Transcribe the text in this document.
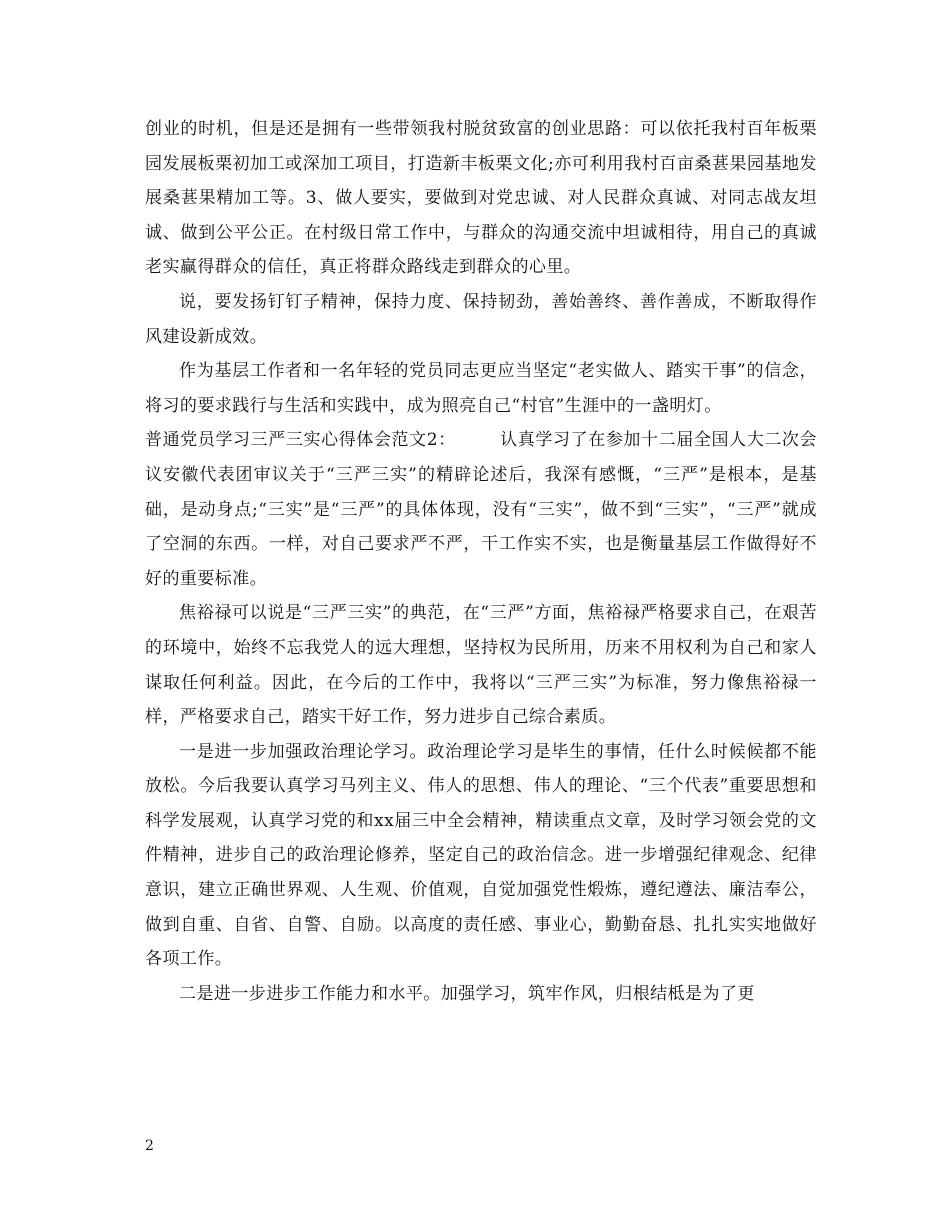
创业的时机，但是还是拥有一些带领我村脱贫致富的创业思路：可以依托我村百年板栗园发展板栗初加工或深加工项目，打造新丰板栗文化;亦可利用我村百亩桑葚果园基地发展桑葚果精加工等。3、做人要实，要做到对党忠诚、对人民群众真诚、对同志战友坦诚、做到公平公正。在村级日常工作中，与群众的沟通交流中坦诚相待，用自己的真诚老实赢得群众的信任，真正将群众路线走到群众的心里。

说，要发扬钉钉子精神，保持力度、保持韧劲，善始善终、善作善成，不断取得作风建设新成效。

作为基层工作者和一名年轻的党员同志更应当坚定“老实做人、踏实干事”的信念，将习的要求践行与生活和实践中，成为照亮自己“村官”生涯中的一盏明灯。

普通党员学习三严三实心得体会范文2：　　　认真学习了在参加十二届全国人大二次会议安徽代表团审议关于“三严三实”的精辟论述后，我深有感慨，“三严”是根本，是基础，是动身点;“三实”是“三严”的具体体现，没有“三实”，做不到“三实”，“三严”就成了空洞的东西。一样，对自己要求严不严，干工作实不实，也是衡量基层工作做得好不好的重要标准。

焦裕禄可以说是“三严三实”的典范，在“三严”方面，焦裕禄严格要求自己，在艰苦的环境中，始终不忘我党人的远大理想，坚持权为民所用，历来不用权利为自己和家人谋取任何利益。因此，在今后的工作中，我将以“三严三实”为标准，努力像焦裕禄一样，严格要求自己，踏实干好工作，努力进步自己综合素质。

一是进一步加强政治理论学习。政治理论学习是毕生的事情，任什么时候候都不能放松。今后我要认真学习马列主义、伟人的思想、伟人的理论、“三个代表”重要思想和科学发展观，认真学习党的和xx届三中全会精神，精读重点文章，及时学习领会党的文件精神，进步自己的政治理论修养，坚定自己的政治信念。进一步增强纪律观念、纪律意识，建立正确世界观、人生观、价值观，自觉加强党性煅炼，遵纪遵法、廉洁奉公，做到自重、自省、自警、自励。以高度的责任感、事业心，勤勤奋恳、扎扎实实地做好各项工作。

二是进一步进步工作能力和水平。加强学习，筑牢作风，归根结柢是为了更

2
